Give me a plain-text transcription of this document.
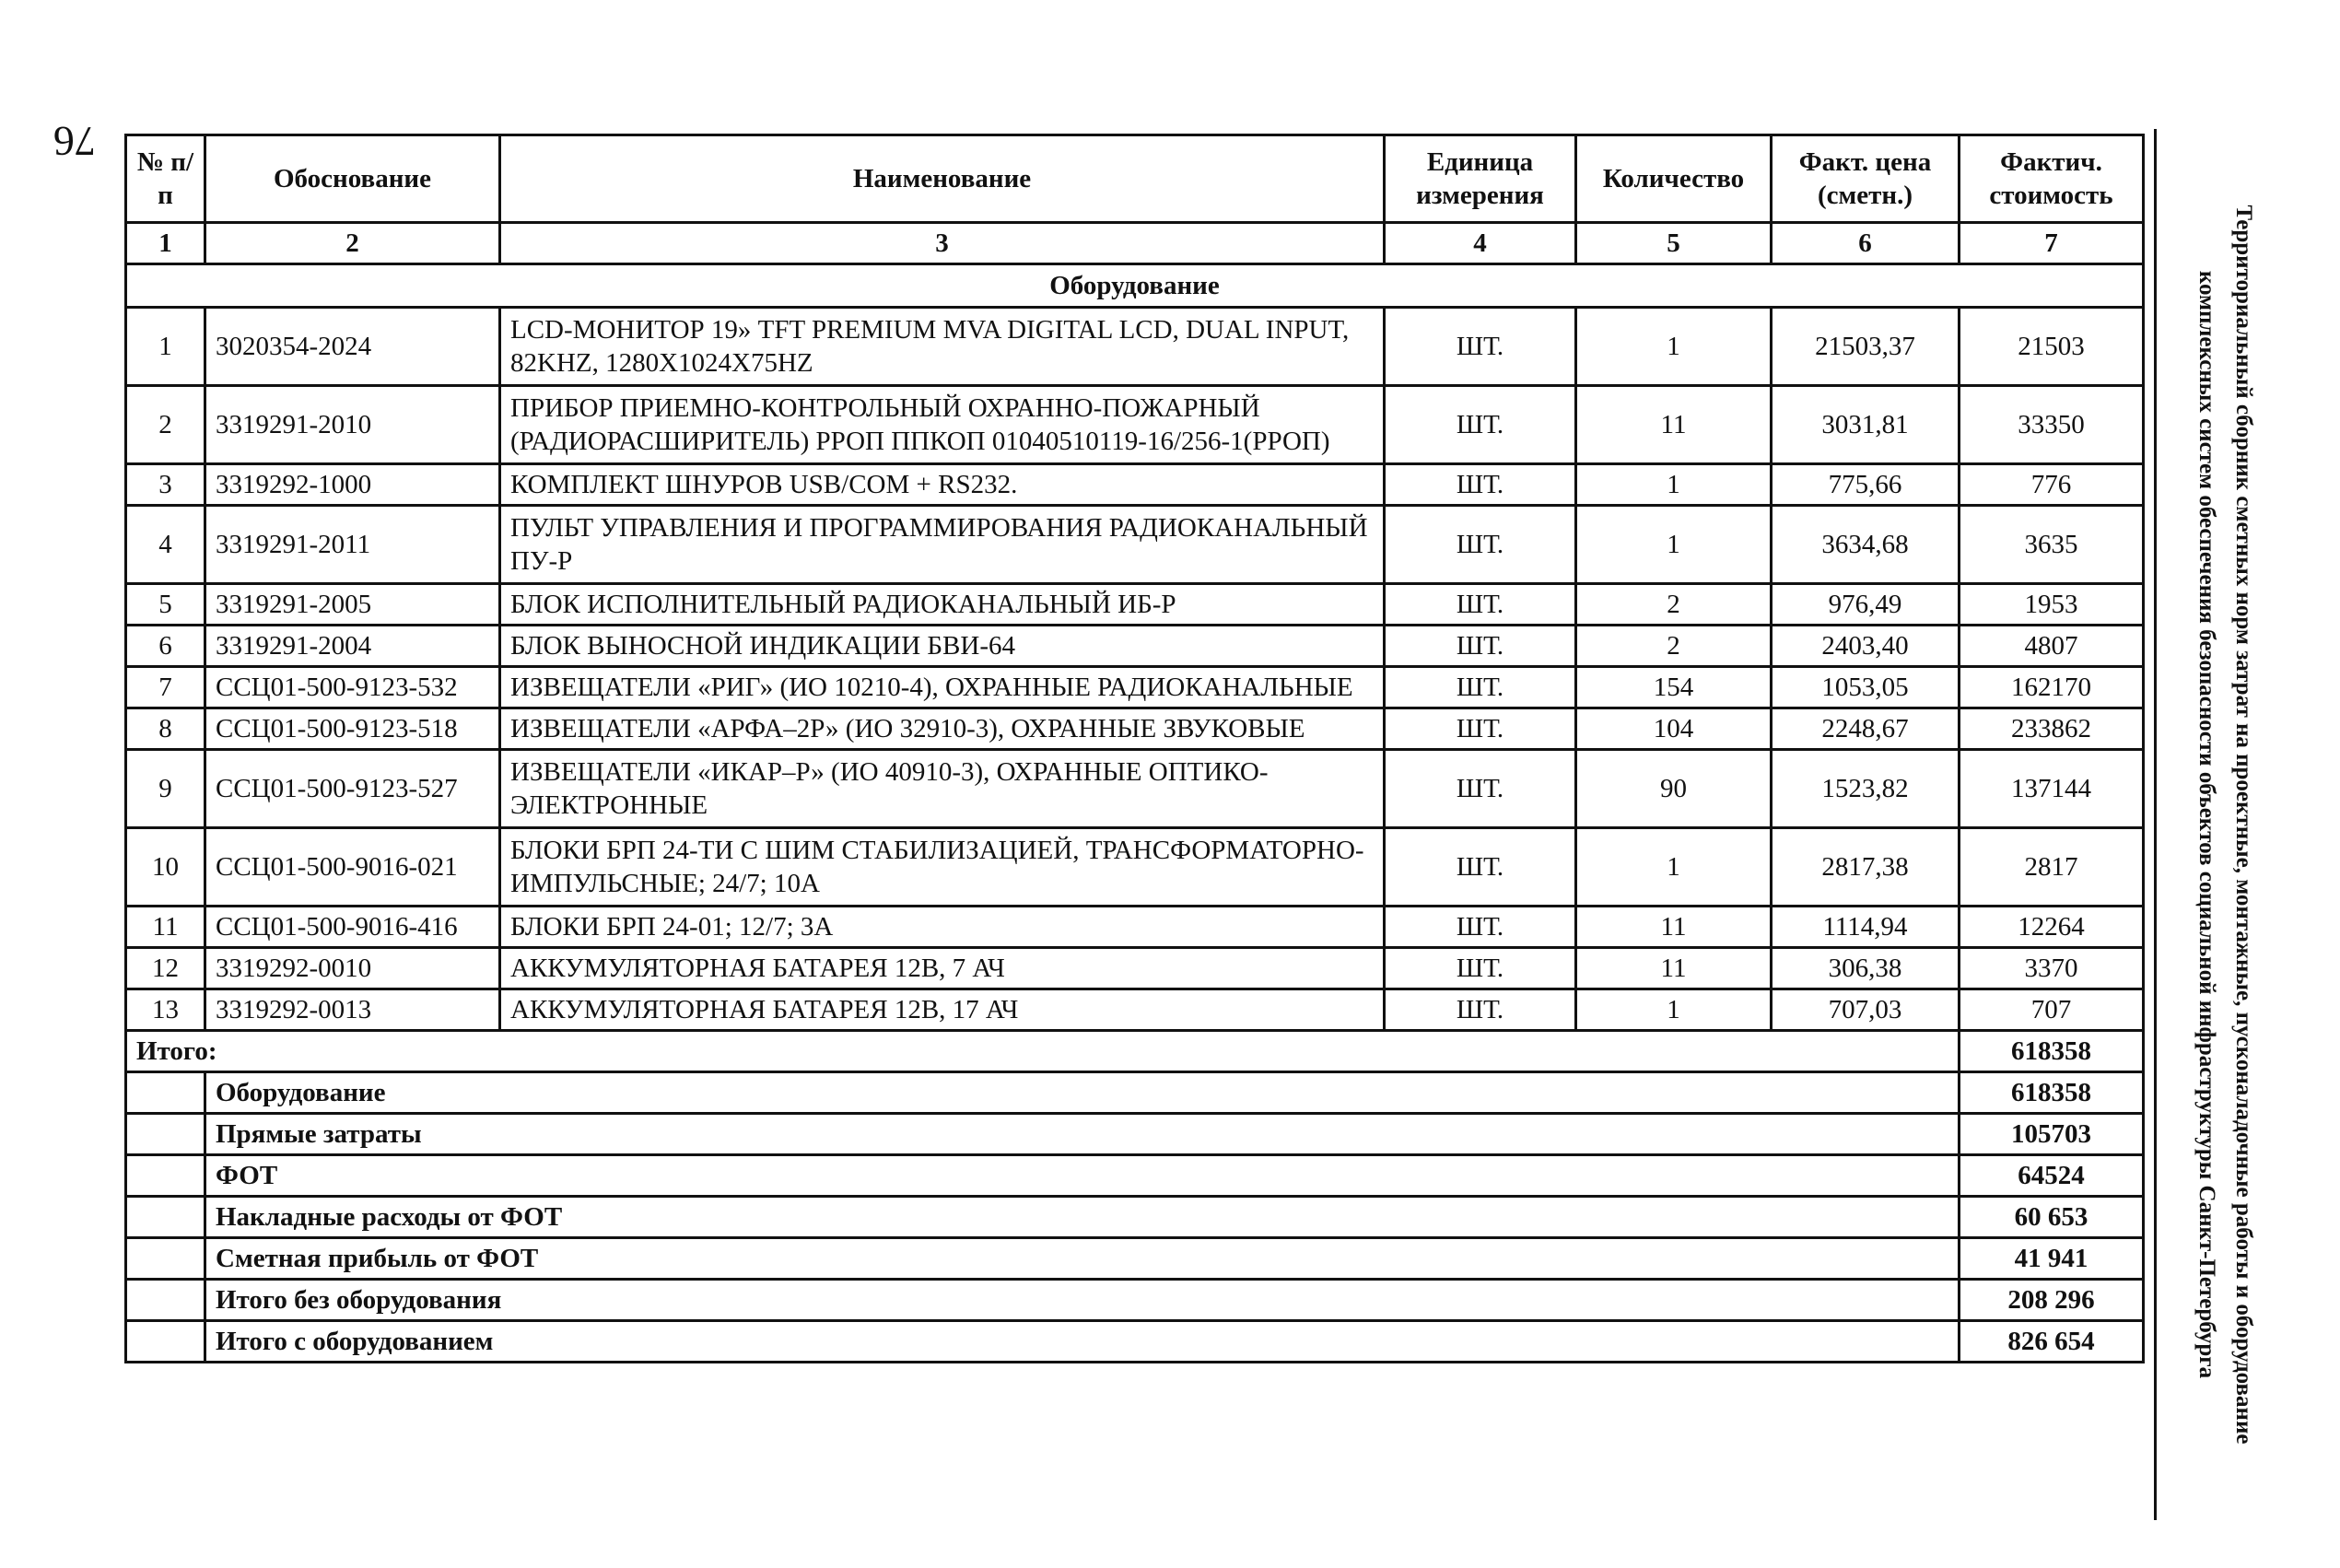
76 № п/п	Обоснование	Наименование	Единица измерения	Количество	Факт. цена (сметн.)	Фактич. стоимость
1	2	3	4	5	6	7
Оборудование						
1	3020354-2024	LCD-МОНИТОР 19» TFT PREMIUM MVA DIGITAL LCD, DUAL INPUT, 82KHZ, 1280X1024X75HZ	ШТ.	1	21503,37	21503
2	3319291-2010	ПРИБОР ПРИЕМНО-КОНТРОЛЬНЫЙ ОХРАННО-ПОЖАРНЫЙ (РАДИОРАСШИРИТЕЛЬ) РРОП ППКОП 01040510119-16/256-1(РРОП)	ШТ.	11	3031,81	33350
3	3319292-1000	КОМПЛЕКТ ШНУРОВ USB/COM + RS232.	ШТ.	1	775,66	776
4	3319291-2011	ПУЛЬТ УПРАВЛЕНИЯ И ПРОГРАММИРОВАНИЯ РАДИОКАНАЛЬНЫЙ ПУ-Р	ШТ.	1	3634,68	3635
5	3319291-2005	БЛОК ИСПОЛНИТЕЛЬНЫЙ РАДИОКАНАЛЬНЫЙ ИБ-Р	ШТ.	2	976,49	1953
6	3319291-2004	БЛОК ВЫНОСНОЙ ИНДИКАЦИИ БВИ-64	ШТ.	2	2403,40	4807
7	ССЦ01-500-9123-532	ИЗВЕЩАТЕЛИ «РИГ» (ИО 10210-4), ОХРАННЫЕ РАДИОКАНАЛЬНЫЕ	ШТ.	154	1053,05	162170
8	ССЦ01-500-9123-518	ИЗВЕЩАТЕЛИ «АРФА–2Р» (ИО 32910-3), ОХРАННЫЕ ЗВУКОВЫЕ	ШТ.	104	2248,67	233862
9	ССЦ01-500-9123-527	ИЗВЕЩАТЕЛИ «ИКАР–Р» (ИО 40910-3), ОХРАННЫЕ ОПТИКО-ЭЛЕКТРОННЫЕ	ШТ.	90	1523,82	137144
10	ССЦ01-500-9016-021	БЛОКИ БРП 24-ТИ С ШИМ СТАБИЛИЗАЦИЕЙ, ТРАНСФОРМАТОРНО-ИМПУЛЬСНЫЕ; 24/7; 10А	ШТ.	1	2817,38	2817
11	ССЦ01-500-9016-416	БЛОКИ БРП 24-01; 12/7; 3А	ШТ.	11	1114,94	12264
12	3319292-0010	АККУМУЛЯТОРНАЯ БАТАРЕЯ 12В, 7 АЧ	ШТ.	11	306,38	3370
13	3319292-0013	АККУМУЛЯТОРНАЯ БАТАРЕЯ 12В, 17 АЧ	ШТ.	1	707,03	707
Итого:						618358
	Оборудование					618358
	Прямые затраты					105703
	ФОТ					64524
	Накладные расходы от ФОТ					60 653
	Сметная прибыль от ФОТ					41 941
	Итого без оборудования					208 296
	Итого с оборудованием					826 654	Территориальный сборник сметных норм затрат на проектные, монтажные, пусконаладочные работы и оборудование
комплексных систем обеспечения безопасности объектов социальной инфраструктуры Санкт-Петербурга
